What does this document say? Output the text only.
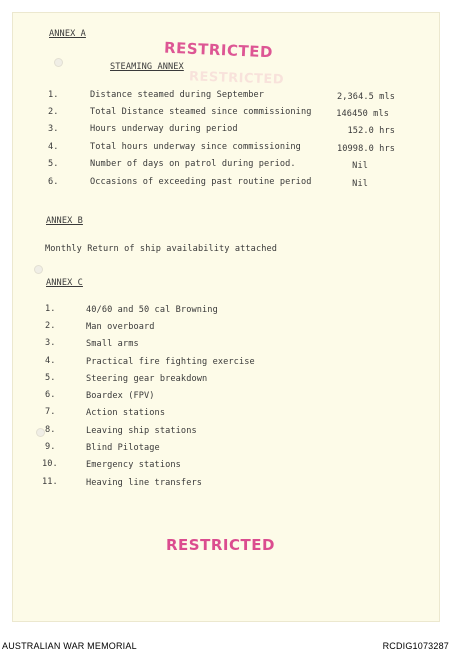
ANNEX A
RESTRICTED
RESTRICTED
STEAMING ANNEX
1.	Distance steamed during September	2,364.5 mls
2.	Total Distance steamed since commissioning	146450 mls
3.	Hours underway during period	152.0 hrs
4.	Total hours underway since commissioning	10998.0 hrs
5.	Number of days on patrol during period.	Nil
6.	Occasions of exceeding past routine period	Nil
ANNEX B
Monthly Return of ship availability attached
ANNEX C
1.	40/60 and 50 cal Browning
2.	Man overboard
3.	Small arms
4.	Practical fire fighting exercise
5.	Steering gear breakdown
6.	Boardex (FPV)
7.	Action stations
8.	Leaving ship stations
9.	Blind Pilotage
10.	Emergency stations
11.	Heaving line transfers
RESTRICTED
AUSTRALIAN WAR MEMORIAL	RCDIG1073287
